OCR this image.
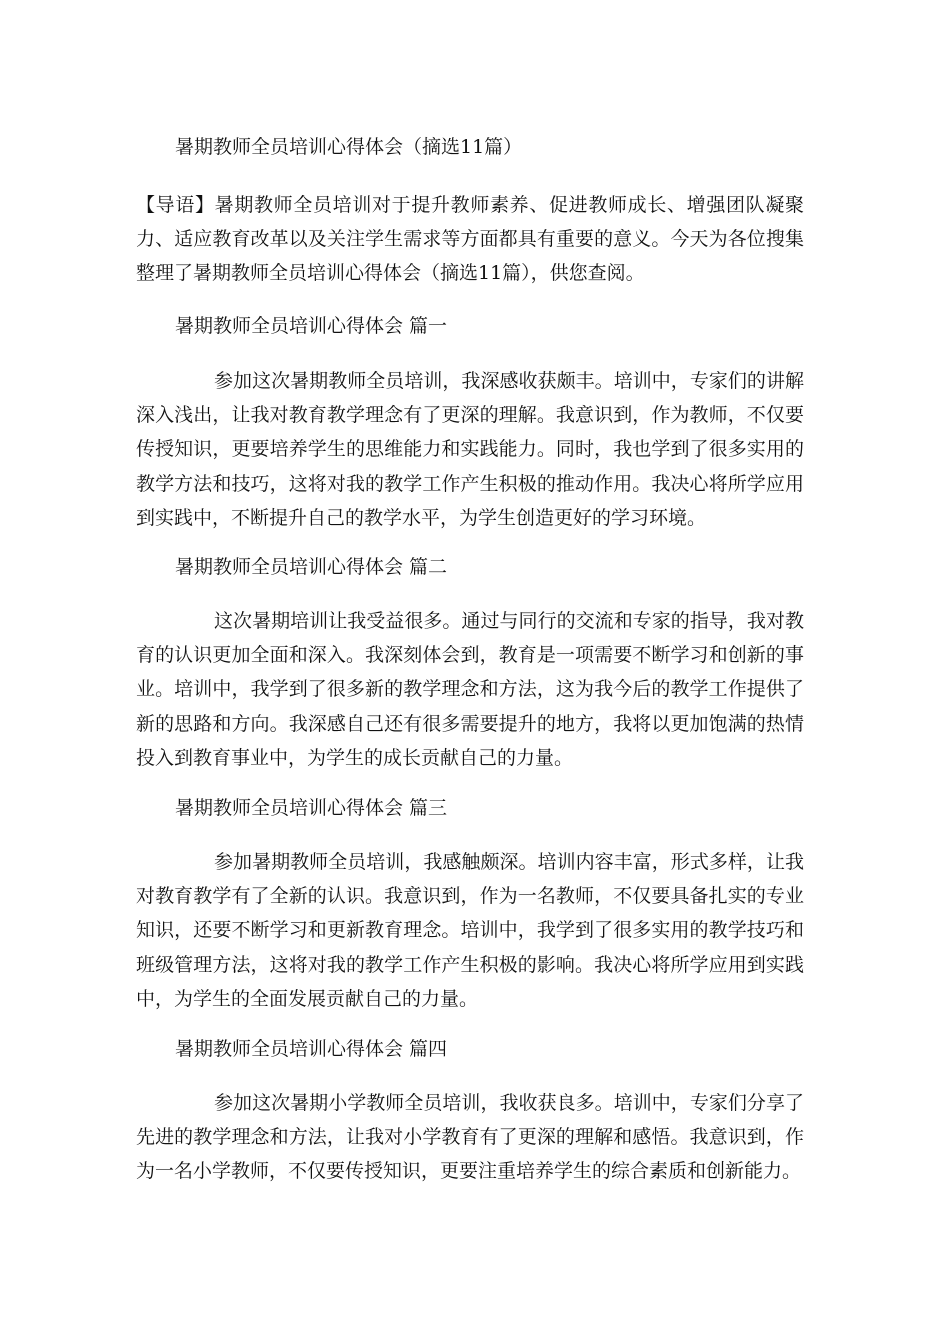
暑期教师全员培训心得体会（摘选11篇）

【导语】暑期教师全员培训对于提升教师素养、促进教师成长、增强团队凝聚力、适应教育改革以及关注学生需求等方面都具有重要的意义。今天为各位搜集整理了暑期教师全员培训心得体会（摘选11篇），供您查阅。

暑期教师全员培训心得体会 篇一

参加这次暑期教师全员培训，我深感收获颇丰。培训中，专家们的讲解深入浅出，让我对教育教学理念有了更深的理解。我意识到，作为教师，不仅要传授知识，更要培养学生的思维能力和实践能力。同时，我也学到了很多实用的教学方法和技巧，这将对我的教学工作产生积极的推动作用。我决心将所学应用到实践中，不断提升自己的教学水平，为学生创造更好的学习环境。

暑期教师全员培训心得体会 篇二

这次暑期培训让我受益很多。通过与同行的交流和专家的指导，我对教育的认识更加全面和深入。我深刻体会到，教育是一项需要不断学习和创新的事业。培训中，我学到了很多新的教学理念和方法，这为我今后的教学工作提供了新的思路和方向。我深感自己还有很多需要提升的地方，我将以更加饱满的热情投入到教育事业中，为学生的成长贡献自己的力量。

暑期教师全员培训心得体会 篇三

参加暑期教师全员培训，我感触颇深。培训内容丰富，形式多样，让我对教育教学有了全新的认识。我意识到，作为一名教师，不仅要具备扎实的专业知识，还要不断学习和更新教育理念。培训中，我学到了很多实用的教学技巧和班级管理方法，这将对我的教学工作产生积极的影响。我决心将所学应用到实践中，为学生的全面发展贡献自己的力量。

暑期教师全员培训心得体会 篇四

参加这次暑期小学教师全员培训，我收获良多。培训中，专家们分享了先进的教学理念和方法，让我对小学教育有了更深的理解和感悟。我意识到，作为一名小学教师，不仅要传授知识，更要注重培养学生的综合素质和创新能力。
